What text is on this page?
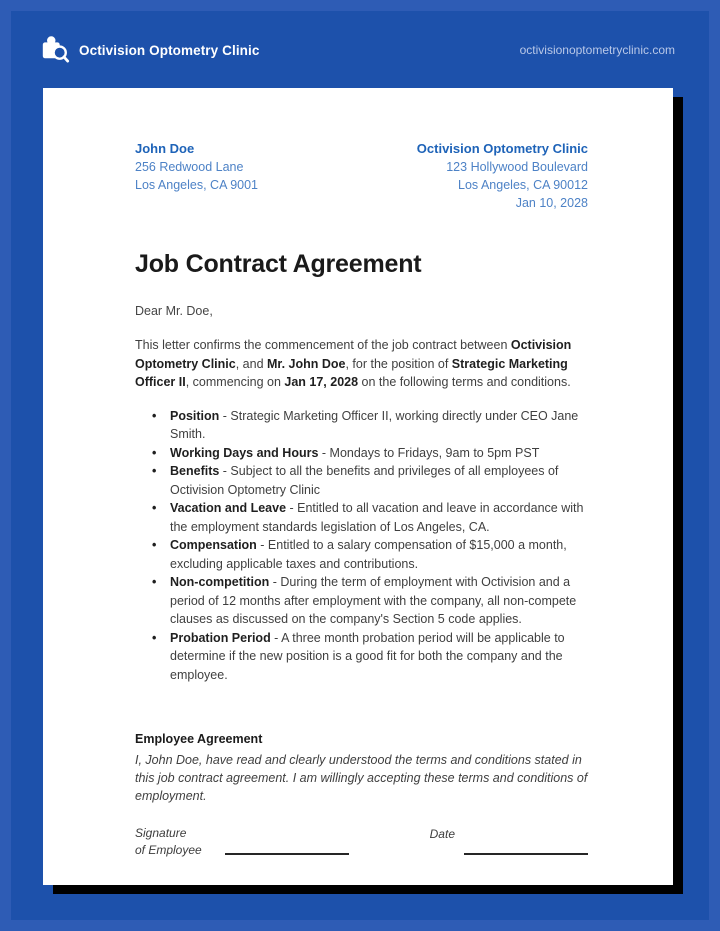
Octivision Optometry Clinic	octivisionoptometryclinic.com
John Doe
256 Redwood Lane
Los Angeles, CA 9001
Octivision Optometry Clinic
123 Hollywood Boulevard
Los Angeles, CA 90012
Jan 10, 2028
Job Contract Agreement

Dear Mr. Doe,

This letter confirms the commencement of the job contract between Octivision Optometry Clinic, and Mr. John Doe, for the position of Strategic Marketing Officer II, commencing on Jan 17, 2028 on the following terms and conditions.

• Position - Strategic Marketing Officer II, working directly under CEO Jane Smith.
• Working Days and Hours - Mondays to Fridays, 9am to 5pm PST
• Benefits - Subject to all the benefits and privileges of all employees of Octivision Optometry Clinic
• Vacation and Leave - Entitled to all vacation and leave in accordance with the employment standards legislation of Los Angeles, CA.
• Compensation - Entitled to a salary compensation of $15,000 a month, excluding applicable taxes and contributions.
• Non-competition - During the term of employment with Octivision and a period of 12 months after employment with the company, all non-compete clauses as discussed on the company's Section 5 code applies.
• Probation Period - A three month probation period will be applicable to determine if the new position is a good fit for both the company and the employee.
Employee Agreement

I, John Doe, have read and clearly understood the terms and conditions stated in this job contract agreement. I am willingly accepting these terms and conditions of employment.

Signature
of Employee
Date
